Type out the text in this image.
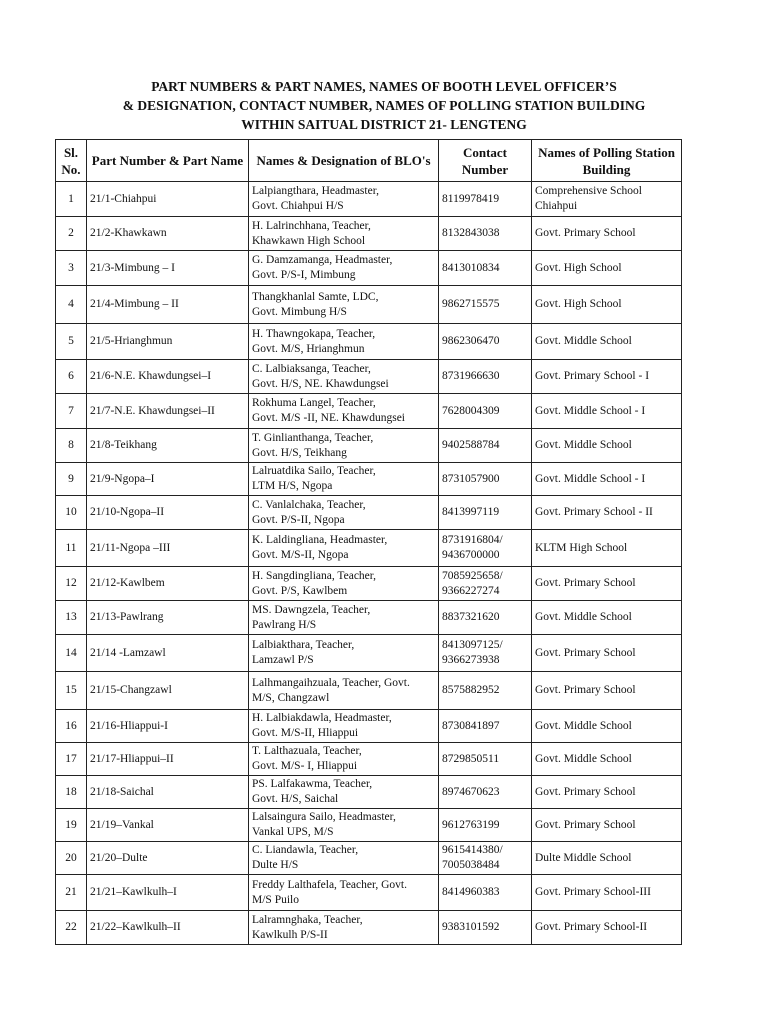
PART NUMBERS & PART NAMES, NAMES OF BOOTH LEVEL OFFICER’S
& DESIGNATION, CONTACT NUMBER, NAMES OF POLLING STATION BUILDING
WITHIN SAITUAL DISTRICT 21- LENGTENG
Sl. No.	Part Number & Part Name	Names & Designation of BLO's	Contact Number	Names of Polling Station Building
1	21/1-Chiahpui	Lalpiangthara, Headmaster,
Govt. Chiahpui H/S	8119978419	Comprehensive School
Chiahpui

2	21/2-Khawkawn	H. Lalrinchhana, Teacher,
Khawkawn High School	8132843038	Govt. Primary School

3	21/3-Mimbung – I	G. Damzamanga, Headmaster,
Govt. P/S-I, Mimbung	8413010834	Govt. High School

4	21/4-Mimbung – II	Thangkhanlal Samte, LDC,
Govt. Mimbung H/S	9862715575	Govt. High School

5	21/5-Hrianghmun	H. Thawngokapa, Teacher,
Govt. M/S, Hrianghmun	9862306470	Govt. Middle School

6	21/6-N.E. Khawdungsei–I	C. Lalbiaksanga, Teacher,
Govt. H/S, NE. Khawdungsei	8731966630	Govt. Primary School - I

7	21/7-N.E. Khawdungsei–II	Rokhuma Langel, Teacher,
Govt. M/S -II, NE. Khawdungsei	7628004309	Govt. Middle School - I

8	21/8-Teikhang	T. Ginlianthanga, Teacher,
Govt. H/S, Teikhang	9402588784	Govt. Middle School

9	21/9-Ngopa–I	Lalruatdika Sailo, Teacher,
LTM H/S, Ngopa	8731057900	Govt. Middle School - I

10	21/10-Ngopa–II	C. Vanlalchaka, Teacher,
Govt. P/S-II, Ngopa	8413997119	Govt. Primary School - II

11	21/11-Ngopa –III	K. Laldingliana, Headmaster,
Govt. M/S-II, Ngopa	8731916804/
9436700000	KLTM High School

12	21/12-Kawlbem	H. Sangdingliana, Teacher,
Govt. P/S, Kawlbem	7085925658/
9366227274	Govt. Primary School

13	21/13-Pawlrang	MS. Dawngzela, Teacher,
Pawlrang H/S	8837321620	Govt. Middle School

14	21/14 -Lamzawl	Lalbiakthara, Teacher,
Lamzawl P/S	8413097125/
9366273938	Govt. Primary School

15	21/15-Changzawl	Lalhmangaihzuala, Teacher, Govt.
M/S, Changzawl	8575882952	Govt. Primary School

16	21/16-Hliappui-I	H. Lalbiakdawla, Headmaster,
Govt. M/S-II, Hliappui	8730841897	Govt. Middle School

17	21/17-Hliappui–II	T. Lalthazuala, Teacher,
Govt. M/S- I, Hliappui	8729850511	Govt. Middle School

18	21/18-Saichal	PS. Lalfakawma, Teacher,
Govt. H/S, Saichal	8974670623	Govt. Primary School

19	21/19–Vankal	Lalsaingura Sailo, Headmaster,
Vankal UPS, M/S	9612763199	Govt. Primary School

20	21/20–Dulte	C. Liandawla, Teacher,
Dulte H/S	9615414380/
7005038484	Dulte Middle School

21	21/21–Kawlkulh–I	Freddy Lalthafela, Teacher, Govt.
M/S Puilo	8414960383	Govt. Primary School-III

22	21/22–Kawlkulh–II	Lalramnghaka, Teacher,
Kawlkulh P/S-II	9383101592	Govt. Primary School-II
